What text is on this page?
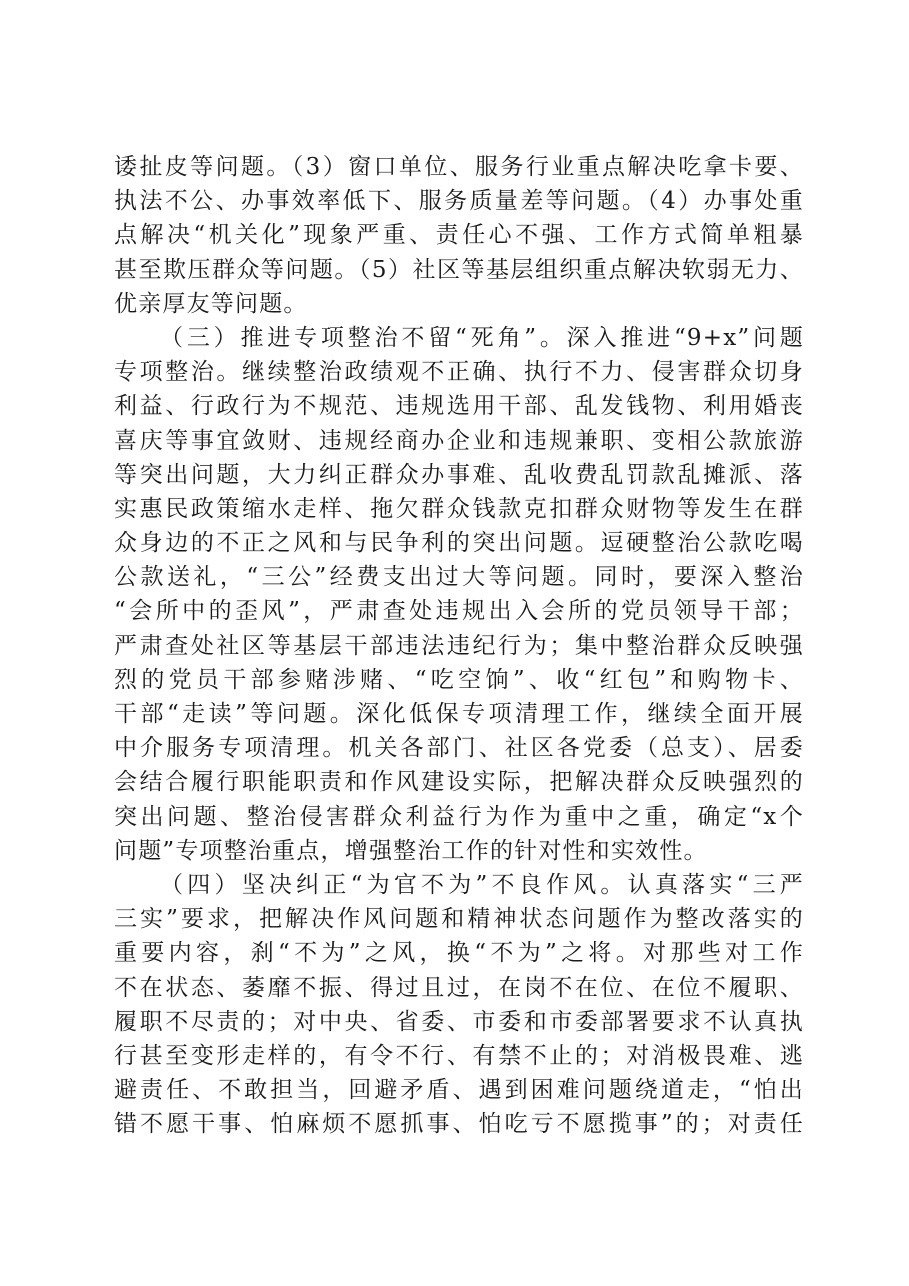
诿扯皮等问题。（3）窗口单位、服务行业重点解决吃拿卡要、
执法不公、办事效率低下、服务质量差等问题。（4）办事处重
点解决“机关化”现象严重、责任心不强、工作方式简单粗暴
甚至欺压群众等问题。（5）社区等基层组织重点解决软弱无力、
优亲厚友等问题。
（三）推进专项整治不留“死角”。深入推进“9+x”问题
专项整治。继续整治政绩观不正确、执行不力、侵害群众切身
利益、行政行为不规范、违规选用干部、乱发钱物、利用婚丧
喜庆等事宜敛财、违规经商办企业和违规兼职、变相公款旅游
等突出问题，大力纠正群众办事难、乱收费乱罚款乱摊派、落
实惠民政策缩水走样、拖欠群众钱款克扣群众财物等发生在群
众身边的不正之风和与民争利的突出问题。逗硬整治公款吃喝
公款送礼，“三公”经费支出过大等问题。同时，要深入整治
“会所中的歪风”，严肃查处违规出入会所的党员领导干部；
严肃查处社区等基层干部违法违纪行为；集中整治群众反映强
烈的党员干部参赌涉赌、“吃空饷”、收“红包”和购物卡、
干部“走读”等问题。深化低保专项清理工作，继续全面开展
中介服务专项清理。机关各部门、社区各党委（总支）、居委
会结合履行职能职责和作风建设实际，把解决群众反映强烈的
突出问题、整治侵害群众利益行为作为重中之重，确定“x个
问题”专项整治重点，增强整治工作的针对性和实效性。
（四）坚决纠正“为官不为”不良作风。认真落实“三严
三实”要求，把解决作风问题和精神状态问题作为整改落实的
重要内容，刹“不为”之风，换“不为”之将。对那些对工作
不在状态、萎靡不振、得过且过，在岗不在位、在位不履职、
履职不尽责的；对中央、省委、市委和市委部署要求不认真执
行甚至变形走样的，有令不行、有禁不止的；对消极畏难、逃
避责任、不敢担当，回避矛盾、遇到困难问题绕道走，“怕出
错不愿干事、怕麻烦不愿抓事、怕吃亏不愿揽事”的；对责任
